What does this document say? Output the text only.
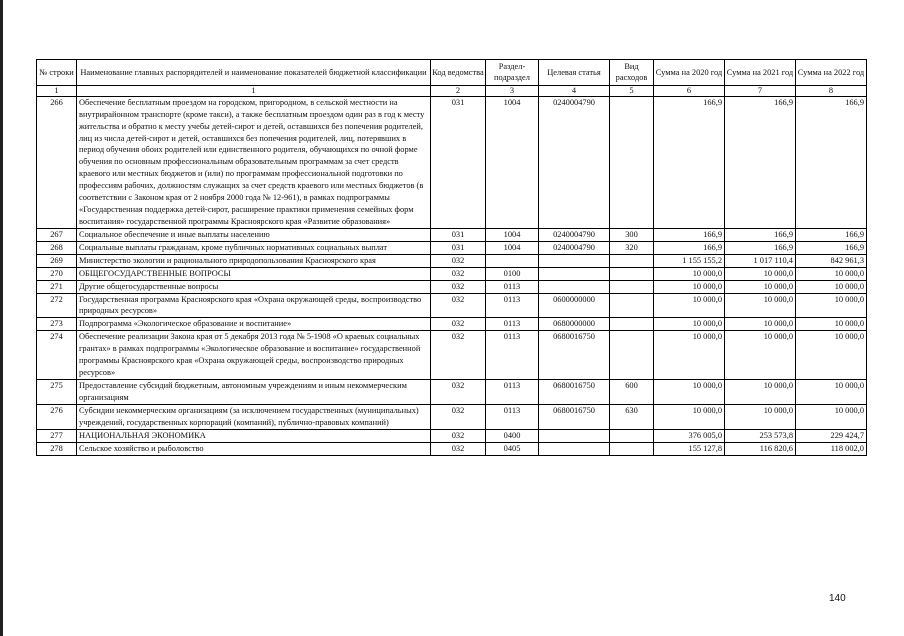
№ строки	Наименование главных распорядителей и наименование показателей бюджетной классификации	Код ведомства	Раздел-подраздел	Целевая статья	Вид расходов	Сумма на 2020 год	Сумма на 2021 год	Сумма на 2022 год
1	1	2	3	4	5	6	7	8
266	Обеспечение бесплатным проездом на городском, пригородном, в сельской местности на внутрирайонном транспорте (кроме такси), а также бесплатным проездом один раз в год к месту жительства и обратно к месту учебы детей-сирот и детей, оставшихся без попечения родителей, лиц из числа детей-сирот и детей, оставшихся без попечения родителей, лиц, потерявших в период обучения обоих родителей или единственного родителя, обучающихся по очной форме обучения по основным профессиональным образовательным программам за счет средств краевого или местных бюджетов и (или) по программам профессиональной подготовки по профессиям рабочих, должностям служащих за счет средств краевого или местных бюджетов (в соответствии с Законом края от 2 ноября 2000 года № 12-961), в рамках подпрограммы «Государственная поддержка детей-сирот, расширение практики применения семейных форм воспитания» государственной программы Красноярского края «Развитие образования»	031	1004	0240004790		166,9	166,9	166,9
267	Социальное обеспечение и иные выплаты населению	031	1004	0240004790	300	166,9	166,9	166,9
268	Социальные выплаты гражданам, кроме публичных нормативных социальных выплат	031	1004	0240004790	320	166,9	166,9	166,9
269	Министерство экологии и рационального природопользования Красноярского края	032				1 155 155,2	1 017 110,4	842 961,3
270	ОБЩЕГОСУДАРСТВЕННЫЕ ВОПРОСЫ	032	0100			10 000,0	10 000,0	10 000,0
271	Другие общегосударственные вопросы	032	0113			10 000,0	10 000,0	10 000,0
272	Государственная программа Красноярского края «Охрана окружающей среды, воспроизводство природных ресурсов»	032	0113	0600000000		10 000,0	10 000,0	10 000,0
273	Подпрограмма «Экологическое образование и воспитание»	032	0113	0680000000		10 000,0	10 000,0	10 000,0
274	Обеспечение реализации Закона края от 5 декабря 2013 года № 5-1908 «О краевых социальных грантах» в рамках подпрограммы «Экологическое образование и воспитание» государственной программы Красноярского края «Охрана окружающей среды, воспроизводство природных ресурсов»	032	0113	0680016750		10 000,0	10 000,0	10 000,0
275	Предоставление субсидий бюджетным, автономным учреждениям и иным некоммерческим организациям	032	0113	0680016750	600	10 000,0	10 000,0	10 000,0
276	Субсидии некоммерческим организациям (за исключением государственных (муниципальных) учреждений, государственных корпораций (компаний), публично-правовых компаний)	032	0113	0680016750	630	10 000,0	10 000,0	10 000,0
277	НАЦИОНАЛЬНАЯ ЭКОНОМИКА	032	0400			376 005,0	253 573,8	229 424,7
278	Сельское хозяйство и рыболовство	032	0405			155 127,8	116 820,6	118 002,0
140
